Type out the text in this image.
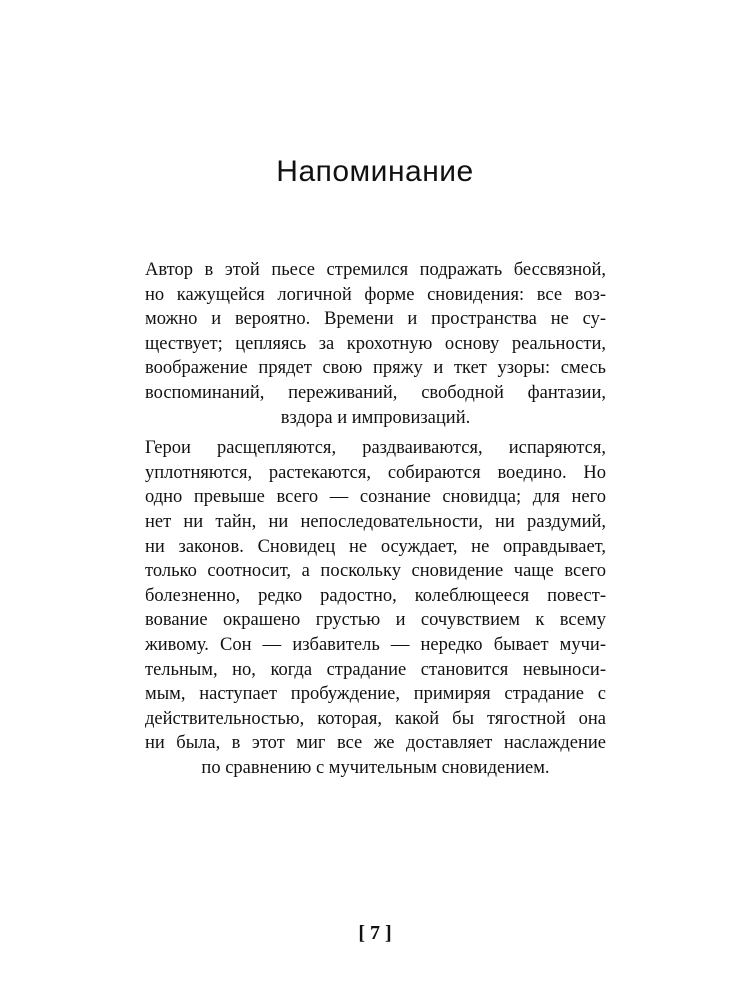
Напоминание

Автор в этой пьесе стремился подражать бессвязной,
но кажущейся логичной форме сновидения: все воз-
можно и вероятно. Времени и пространства не су-
ществует; цепляясь за крохотную основу реальности,
воображение прядет свою пряжу и ткет узоры: смесь
воспоминаний, переживаний, свободной фантазии,
вздора и импровизаций.

Герои расщепляются, раздваиваются, испаряются,
уплотняются, растекаются, собираются воедино. Но
одно превыше всего — сознание сновидца; для него
нет ни тайн, ни непоследовательности, ни раздумий,
ни законов. Сновидец не осуждает, не оправдывает,
только соотносит, а поскольку сновидение чаще всего
болезненно, редко радостно, колеблющееся повест-
вование окрашено грустью и сочувствием к всему
живому. Сон — избавитель — нередко бывает мучи-
тельным, но, когда страдание становится невыноси-
мым, наступает пробуждение, примиряя страдание с
действительностью, которая, какой бы тягостной она
ни была, в этот миг все же доставляет наслаждение
по сравнению с мучительным сновидением.

[ 7 ]
